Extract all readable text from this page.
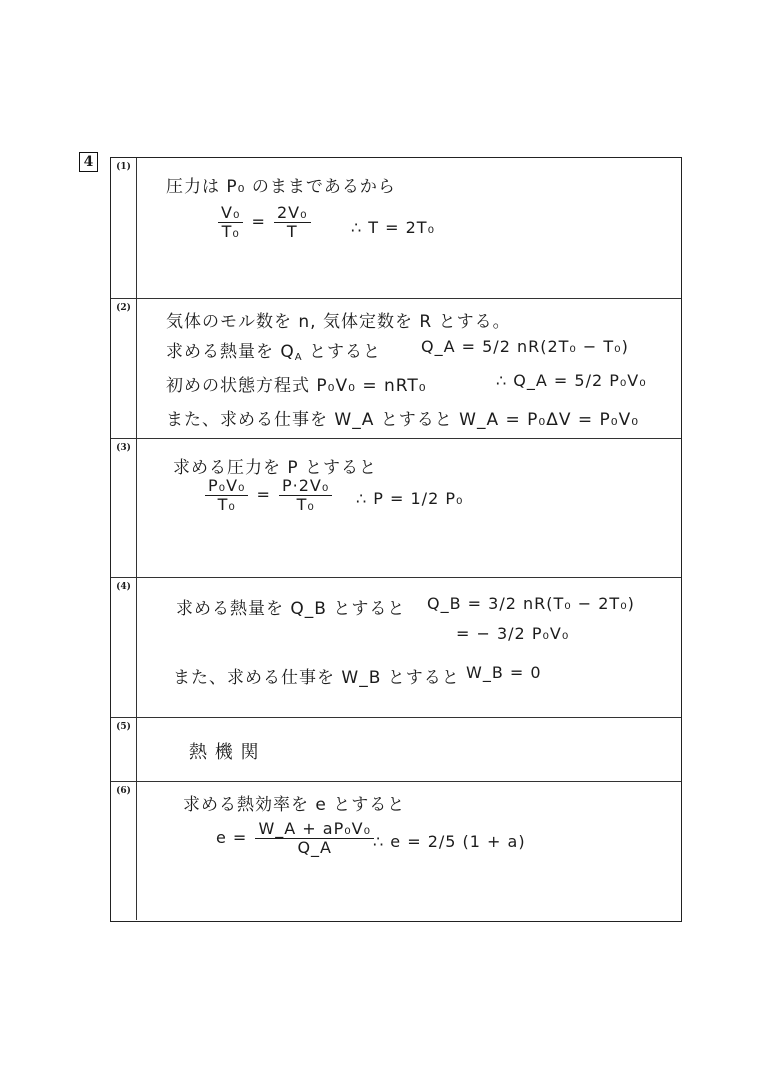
4	(1)
圧力は P₀ のままであるから
$\frac{\text{V₀}}{\text{T₀}} = \frac{\text{2V₀}}{T}$	∴ T = 2T₀
(2)
気体のモル数を n, 気体定数を R とする。
求める熱量を $Q_A$ とすると Q_A = 5/2 nR(2T₀ − T₀)
初めの状態方程式 P₀V₀ = nRT₀	∴ Q_A = 5/2 P₀V₀
また、求める仕事を W_A とすると W_A = P₀ΔV = P₀V₀
(3)
求める圧力を P とすると
$\frac{\text{P₀V₀}}{\text{T₀}} = \frac{\text{P·2V₀}}{\text{T₀}}$ ∴ P = 1/2 P₀
(4)
求める熱量を Q_B とすると Q_B = 3/2 nR(T₀ − 2T₀)
= − 3/2 P₀V₀
また、求める仕事を W_B とすると W_B = 0
(5)
熱 機 関
(6)
求める熱効率を e とすると
$e = \frac{\text{W\_A + aP₀V₀}}{Q\_A}$
∴ e = 2/5 (1 + a)
